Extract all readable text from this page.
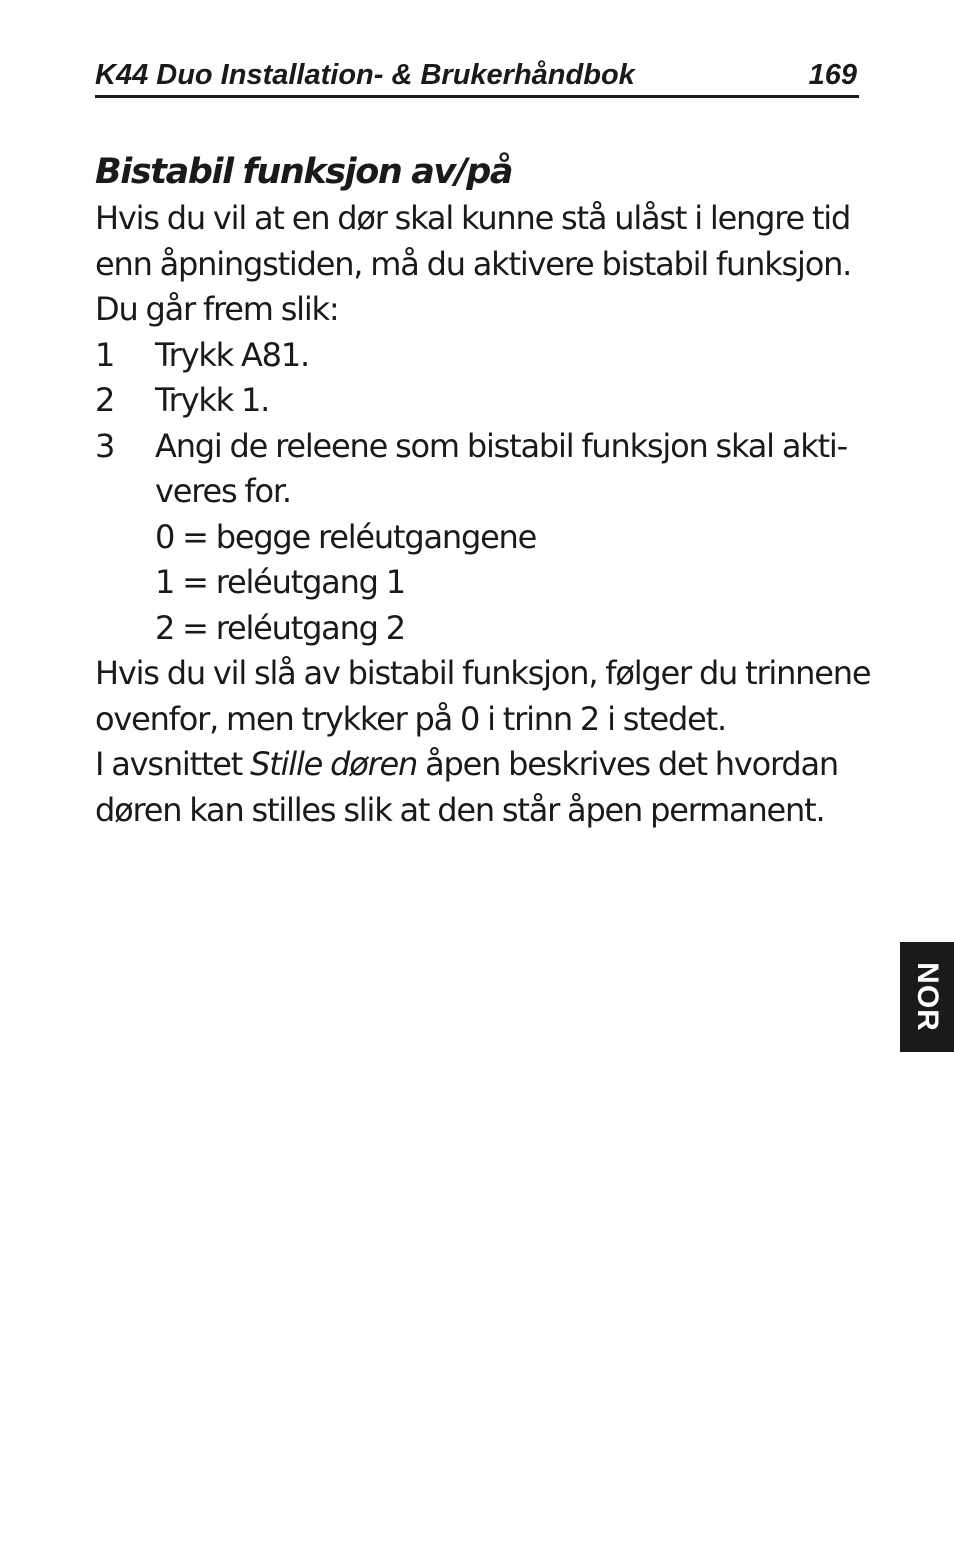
K44 Duo Installation- & Brukerhåndbok	169
Bistabil funksjon av/på

Hvis du vil at en dør skal kunne stå ulåst i lengre tid

enn åpningstiden, må du aktivere bistabil funksjon.

Du går frem slik:

1 Trykk A81.
2 Trykk 1.
3 Angi de releene som bistabil funksjon skal akti-
veres for.
0 = begge reléutgangene
1 = reléutgang 1
2 = reléutgang 2

Hvis du vil slå av bistabil funksjon, følger du trinnene

ovenfor, men trykker på 0 i trinn 2 i stedet.

I avsnittet Stille døren åpen beskrives det hvordan

døren kan stilles slik at den står åpen permanent.

NOR
